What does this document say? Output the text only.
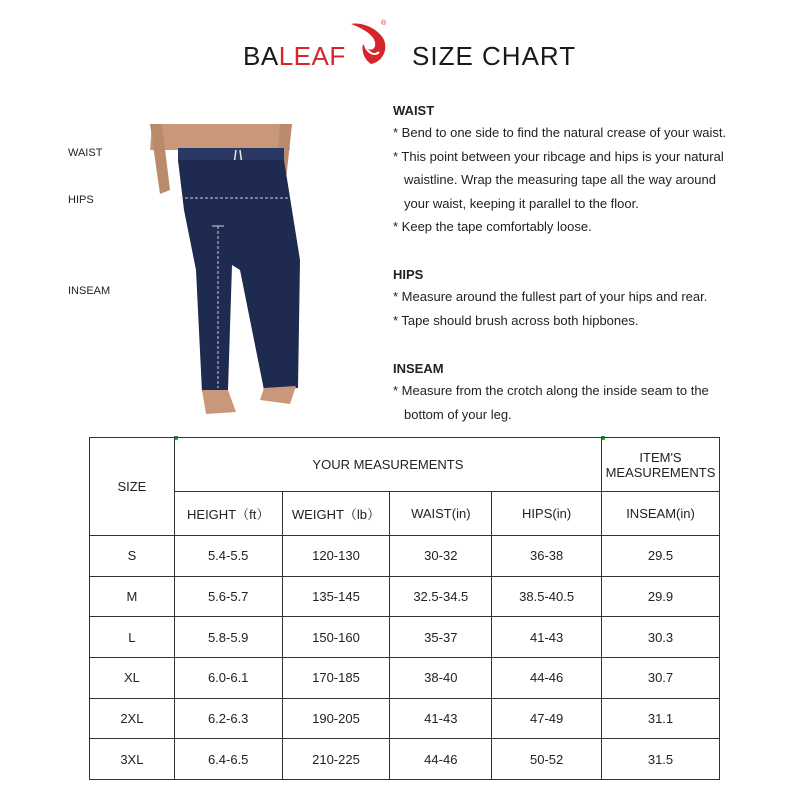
BALEAF
®
SIZE CHART
WAIST
HIPS
INSEAM
WAIST

* Bend to one side to find the natural crease of your waist.

* This point between your ribcage and hips is your natural

waistline. Wrap the measuring tape all the way around

your waist, keeping it parallel to the floor.

* Keep the tape comfortably loose.

HIPS

* Measure around the fullest part of your hips and rear.

* Tape should brush across both hipbones.

INSEAM

* Measure from the crotch along the inside seam to the

bottom of your leg.

SIZE	YOUR MEASUREMENTS				ITEM'S
MEASUREMENTS

	HEIGHT（ft）	WEIGHT（lb）	WAIST(in)	HIPS(in)	INSEAM(in)
S	5.4-5.5	120-130	30-32	36-38	29.5
M	5.6-5.7	135-145	32.5-34.5	38.5-40.5	29.9
L	5.8-5.9	150-160	35-37	41-43	30.3
XL	6.0-6.1	170-185	38-40	44-46	30.7
2XL	6.2-6.3	190-205	41-43	47-49	31.1
3XL	6.4-6.5	210-225	44-46	50-52	31.5
